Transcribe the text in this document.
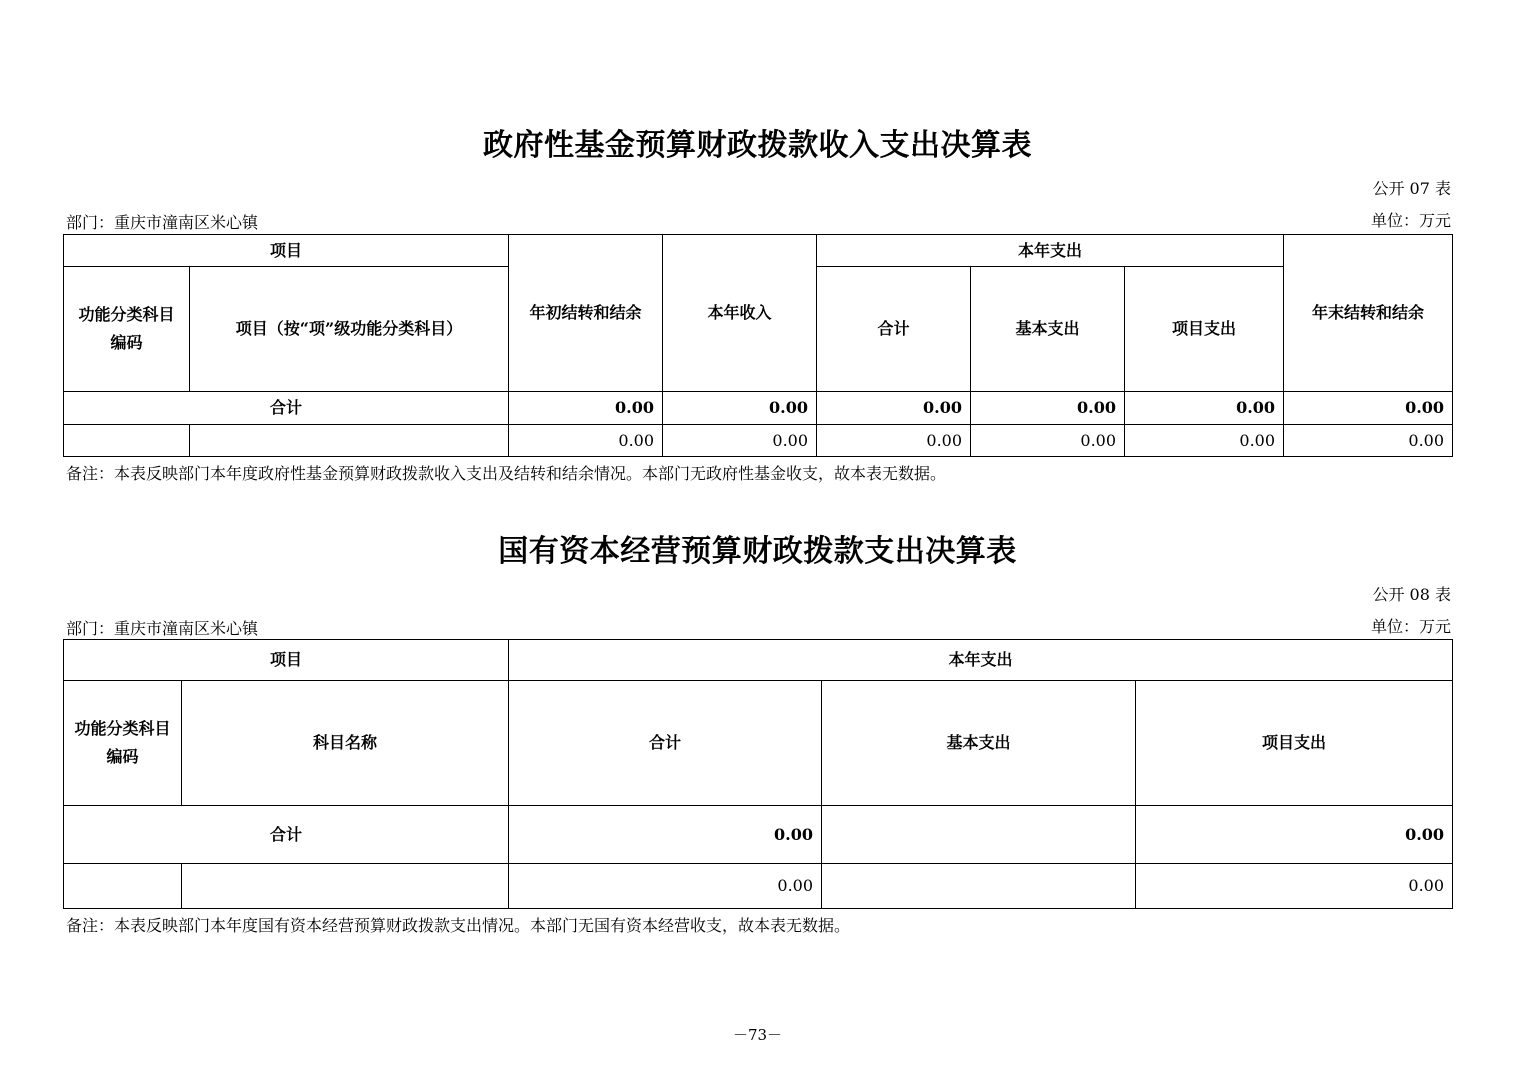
政府性基金预算财政拨款收入支出决算表
公开 07 表
部门：重庆市潼南区米心镇	单位：万元
项目		年初结转和结余	本年收入	本年支出			年末结转和结余
功能分类科目编码	项目（按“项”级功能分类科目）			合计	基本支出	项目支出	
合计		0.00	0.00	0.00	0.00	0.00	0.00
		0.00	0.00	0.00	0.00	0.00	0.00
备注：本表反映部门本年度政府性基金预算财政拨款收入支出及结转和结余情况。本部门无政府性基金收支，故本表无数据。
国有资本经营预算财政拨款支出决算表
公开 08 表
部门：重庆市潼南区米心镇	单位：万元
项目		本年支出		
功能分类科目编码	科目名称	合计	基本支出	项目支出
合计		0.00		0.00
		0.00		0.00
备注：本表反映部门本年度国有资本经营预算财政拨款支出情况。本部门无国有资本经营收支，故本表无数据。
－73－
